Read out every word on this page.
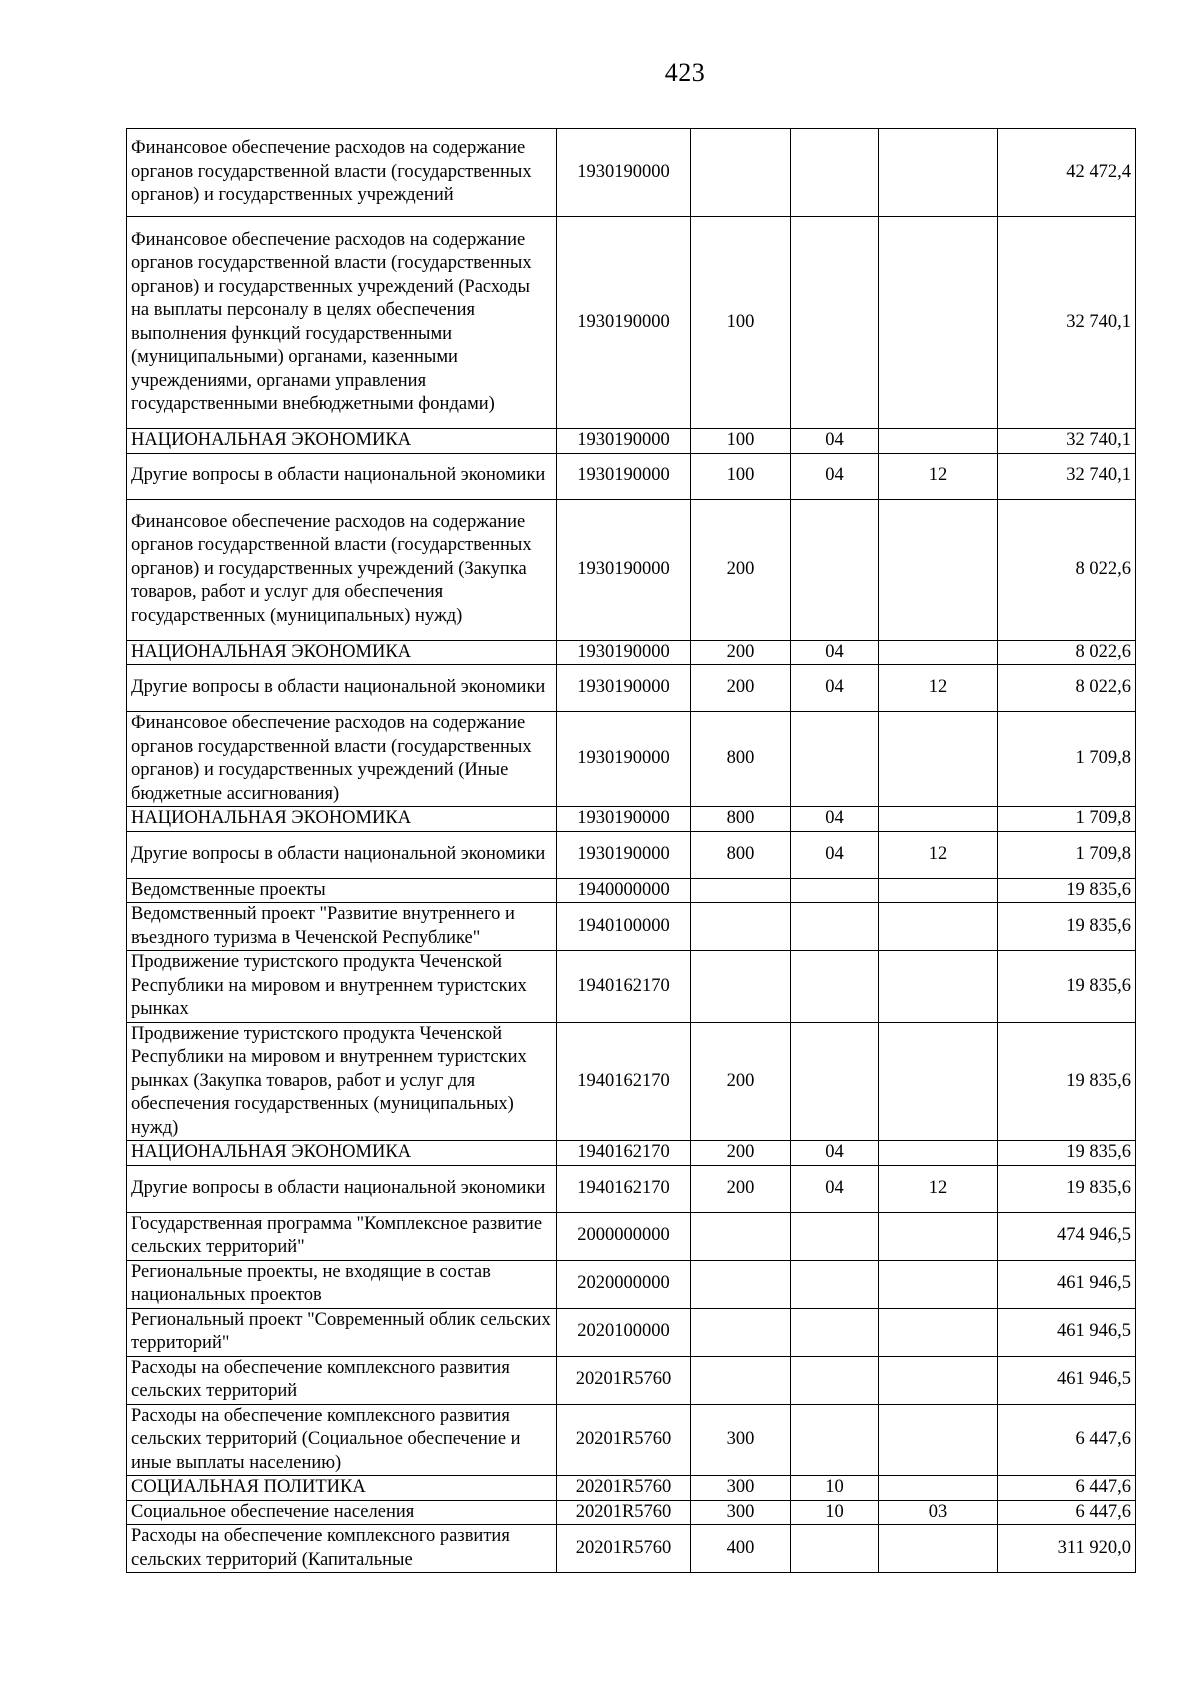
423
Финансовое обеспечение расходов на содержание органов государственной власти (государственных органов) и государственных учреждений	1930190000				42 472,4
Финансовое обеспечение расходов на содержание органов государственной власти (государственных органов) и государственных учреждений (Расходы на выплаты персоналу в целях обеспечения выполнения функций государственными (муниципальными) органами, казенными учреждениями, органами управления государственными внебюджетными фондами)	1930190000	100			32 740,1
НАЦИОНАЛЬНАЯ ЭКОНОМИКА	1930190000	100	04		32 740,1
Другие вопросы в области национальной экономики	1930190000	100	04	12	32 740,1
Финансовое обеспечение расходов на содержание органов государственной власти (государственных органов) и государственных учреждений (Закупка товаров, работ и услуг для обеспечения государственных (муниципальных) нужд)	1930190000	200			8 022,6
НАЦИОНАЛЬНАЯ ЭКОНОМИКА	1930190000	200	04		8 022,6
Другие вопросы в области национальной экономики	1930190000	200	04	12	8 022,6
Финансовое обеспечение расходов на содержание органов государственной власти (государственных органов) и государственных учреждений (Иные бюджетные ассигнования)	1930190000	800			1 709,8
НАЦИОНАЛЬНАЯ ЭКОНОМИКА	1930190000	800	04		1 709,8
Другие вопросы в области национальной экономики	1930190000	800	04	12	1 709,8
Ведомственные проекты	1940000000				19 835,6
Ведомственный проект "Развитие внутреннего и въездного туризма в Чеченской Республике"	1940100000				19 835,6
Продвижение туристского продукта Чеченской Республики на мировом и внутреннем туристских рынках	1940162170				19 835,6
Продвижение туристского продукта Чеченской Республики на мировом и внутреннем туристских рынках (Закупка товаров, работ и услуг для обеспечения государственных (муниципальных) нужд)	1940162170	200			19 835,6
НАЦИОНАЛЬНАЯ ЭКОНОМИКА	1940162170	200	04		19 835,6
Другие вопросы в области национальной экономики	1940162170	200	04	12	19 835,6
Государственная программа "Комплексное развитие сельских территорий"	2000000000				474 946,5
Региональные проекты, не входящие в состав национальных проектов	2020000000				461 946,5
Региональный проект "Современный облик сельских территорий"	2020100000				461 946,5
Расходы на обеспечение комплексного развития сельских территорий	20201R5760				461 946,5
Расходы на обеспечение комплексного развития сельских территорий (Социальное обеспечение и иные выплаты населению)	20201R5760	300			6 447,6
СОЦИАЛЬНАЯ ПОЛИТИКА	20201R5760	300	10		6 447,6
Социальное обеспечение населения	20201R5760	300	10	03	6 447,6
Расходы на обеспечение комплексного развития сельских территорий (Капитальные	20201R5760	400			311 920,0
